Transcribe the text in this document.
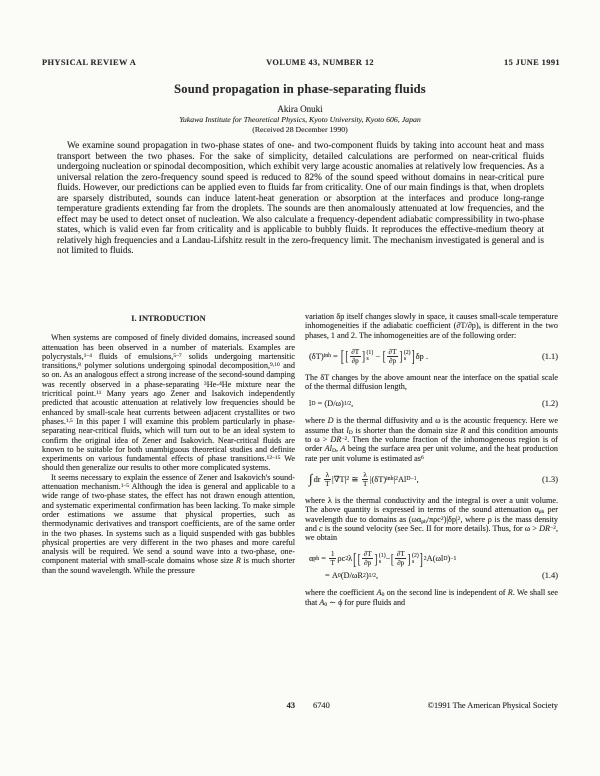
PHYSICAL REVIEW A	VOLUME 43, NUMBER 12	15 JUNE 1991
Sound propagation in phase-separating fluids
Akira Onuki
Yukawa Institute for Theoretical Physics, Kyoto University, Kyoto 606, Japan
(Received 28 December 1990)
We examine sound propagation in two-phase states of one- and two-component fluids by taking into account heat and mass transport between the two phases. For the sake of simplicity, detailed calculations are performed on near-critical fluids undergoing nucleation or spinodal decomposition, which exhibit very large acoustic anomalies at relatively low frequencies. As a universal relation the zero-frequency sound speed is reduced to 82% of the sound speed without domains in near-critical pure fluids. However, our predictions can be applied even to fluids far from criticality. One of our main findings is that, when droplets are sparsely distributed, sounds can induce latent-heat generation or absorption at the interfaces and produce long-range temperature gradients extending far from the droplets. The sounds are then anomalously attenuated at low frequencies, and the effect may be used to detect onset of nucleation. We also calculate a frequency-dependent adiabatic compressibility in two-phase states, which is valid even far from criticality and is applicable to bubbly fluids. It reproduces the effective-medium theory at relatively high frequencies and a Landau-Lifshitz result in the zero-frequency limit. The mechanism investigated is general and is not limited to fluids.
I. INTRODUCTION

When systems are composed of finely divided domains, increased sound attenuation has been observed in a number of materials. Examples are polycrystals,$^{1-4}$ fluids of emulsions,$^{5-7}$ solids undergoing martensitic transitions,$^8$ polymer solutions undergoing spinodal decomposition,$^{9,10}$ and so on. As an analogous effect a strong increase of the second-sound damping was recently observed in a phase-separating $^3$He-$^4$He mixture near the tricritical point.$^{11}$ Many years ago Zener and Isakovich independently predicted that acoustic attenuation at relatively low frequencies should be enhanced by small-scale heat currents between adjacent crystallites or two phases.$^{1,5}$ In this paper I will examine this problem particularly in phase-separating near-critical fluids, which will turn out to be an ideal system to confirm the original idea of Zener and Isakovich. Near-critical fluids are known to be suitable for both unambiguous theoretical studies and definite experiments on various fundamental effects of phase transitions.$^{12-15}$ We should then generalize our results to other more complicated systems.

It seems necessary to explain the essence of Zener and Isakovich's sound-attenuation mechanism.$^{1-5}$ Although the idea is general and applicable to a wide range of two-phase states, the effect has not drawn enough attention, and systematic experimental confirmation has been lacking. To make simple order estimations we assume that physical properties, such as thermodynamic derivatives and transport coefficients, are of the same order in the two phases. In systems such as a liquid suspended with gas bubbles physical properties are very different in the two phases and more careful analysis will be required. We send a sound wave into a two-phase, one-component material with small-scale domains whose size R is much shorter than the sound wavelength. While the pressure

variation δp itself changes slowly in space, it causes small-scale temperature inhomogeneities if the adiabatic coefficient $(\partial T/\partial p)_s$ is different in the two phases, 1 and 2. The inhomogeneities are of the following order:

(δT) inh
=
[ [ $\frac{\partial T}{\partial p}$ ] (1)
s
−
[ $\frac{\partial T}{\partial p}$ ] (2)
s ] δp .	(1.1)

The δT changes by the above amount near the interface on the spatial scale of the thermal diffusion length,

l D
=
(D/ω) 1/2 ,	(1.2)

where D is the thermal diffusivity and ω is the acoustic frequency. Here we assume that $l_D$ is shorter than the domain size R and this condition amounts to $\omega > DR^{-2}$. Then the volume fraction of the inhomogeneous region is of order $Al_D$, A being the surface area per unit volume, and the heat production rate per unit volume is estimated $as^6$

∫ dr
$\frac{\lambda}{T} |\nabla T|$ 2
≅
$\frac{\lambda}{T} |(\delta T)$ inh | 2 Al D −1 ,	(1.3)

where λ is the thermal conductivity and the integral is over a unit volume. The above quantity is expressed in terms of the sound attenuation $\alpha_{ph}$ per wavelength due to domains as $(\omega\alpha_{ph}/\pi\rho c^2)|\delta p|^2$, where ρ is the mass density and c is the sound velocity (see Sec. II for more details). Thus, for $\omega > DR^{-2}$, we obtain

α ph
=
$\frac{1}{T}$ ρc 2 λ [ [ $\frac{\partial T}{\partial p}$ ] (1)
s − [ $\frac{\partial T}{\partial p}$ ] (2)
s ] 2 A(ωl D ) −1
=
A 0 (D/ωR 2 ) 1/2 ,	(1.4)

where the coefficient $A_0$ on the second line is independent of R. We shall see that $A_0$ ∼ ϕ for pure fluids and

43	6740	©1991 The American Physical Society
